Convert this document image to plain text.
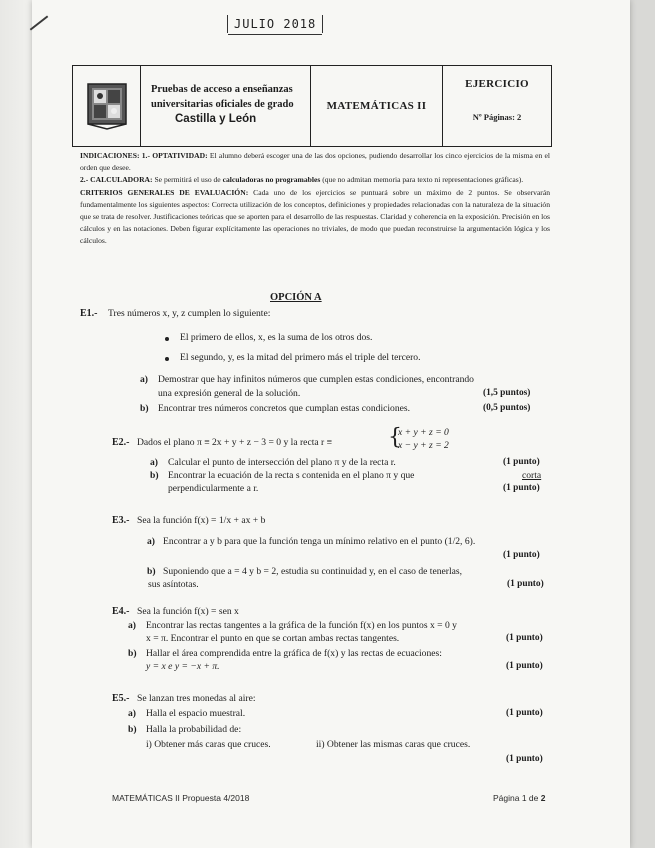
JULIO 2018
Pruebas de acceso a enseñanzas
universitarias oficiales de grado
Castilla y León
MATEMÁTICAS II
EJERCICIO
Nº Páginas: 2

INDICACIONES: 1.- OPTATIVIDAD: El alumno deberá escoger una de las dos opciones, pudiendo desarrollar los cinco ejercicios de la misma en el orden que desee.

2.- CALCULADORA: Se permitirá el uso de calculadoras no programables (que no admitan memoria para texto ni representaciones gráficas).

CRITERIOS GENERALES DE EVALUACIÓN: Cada uno de los ejercicios se puntuará sobre un máximo de 2 puntos. Se observarán fundamentalmente los siguientes aspectos: Correcta utilización de los conceptos, definiciones y propiedades relacionadas con la naturaleza de la situación que se trata de resolver. Justificaciones teóricas que se aporten para el desarrollo de las respuestas. Claridad y coherencia en la exposición. Precisión en los cálculos y en las notaciones. Deben figurar explícitamente las operaciones no triviales, de modo que puedan reconstruirse la argumentación lógica y los cálculos.

OPCIÓN A
E1.- Tres números x, y, z cumplen lo siguiente:
El primero de ellos, x, es la suma de los otros dos.
El segundo, y, es la mitad del primero más el triple del tercero.
a) Demostrar que hay infinitos números que cumplen estas condiciones, encontrando
una expresión general de la solución.	(1,5 puntos)
b) Encontrar tres números concretos que cumplan estas condiciones.	(0,5 puntos)
E2.- Dados el plano π ≡ 2x + y + z − 3 = 0 y la recta r ≡	{
x + y + z = 0
x − y + z = 2
a) Calcular el punto de intersección del plano π y de la recta r.	(1 punto)
b) Encontrar la ecuación de la recta s contenida en el plano π y que	corta
perpendicularmente a r.	(1 punto)
E3.- Sea la función f(x) = 1/x + ax + b
a) Encontrar a y b para que la función tenga un mínimo relativo en el punto (1/2, 6).
(1 punto)
b) Suponiendo que a = 4 y b = 2, estudia su continuidad y, en el caso de tenerlas,
sus asíntotas.	(1 punto)
E4.- Sea la función f(x) = sen x
a) Encontrar las rectas tangentes a la gráfica de la función f(x) en los puntos x = 0 y
x = π. Encontrar el punto en que se cortan ambas rectas tangentes.	(1 punto)
b) Hallar el área comprendida entre la gráfica de f(x) y las rectas de ecuaciones:
y = x e y = −x + π.	(1 punto)
E5.- Se lanzan tres monedas al aire:
a) Halla el espacio muestral.	(1 punto)
b) Halla la probabilidad de:
i) Obtener más caras que cruces.	ii) Obtener las mismas caras que cruces.
(1 punto)
MATEMÁTICAS II Propuesta 4/2018	Página 1 de 2
